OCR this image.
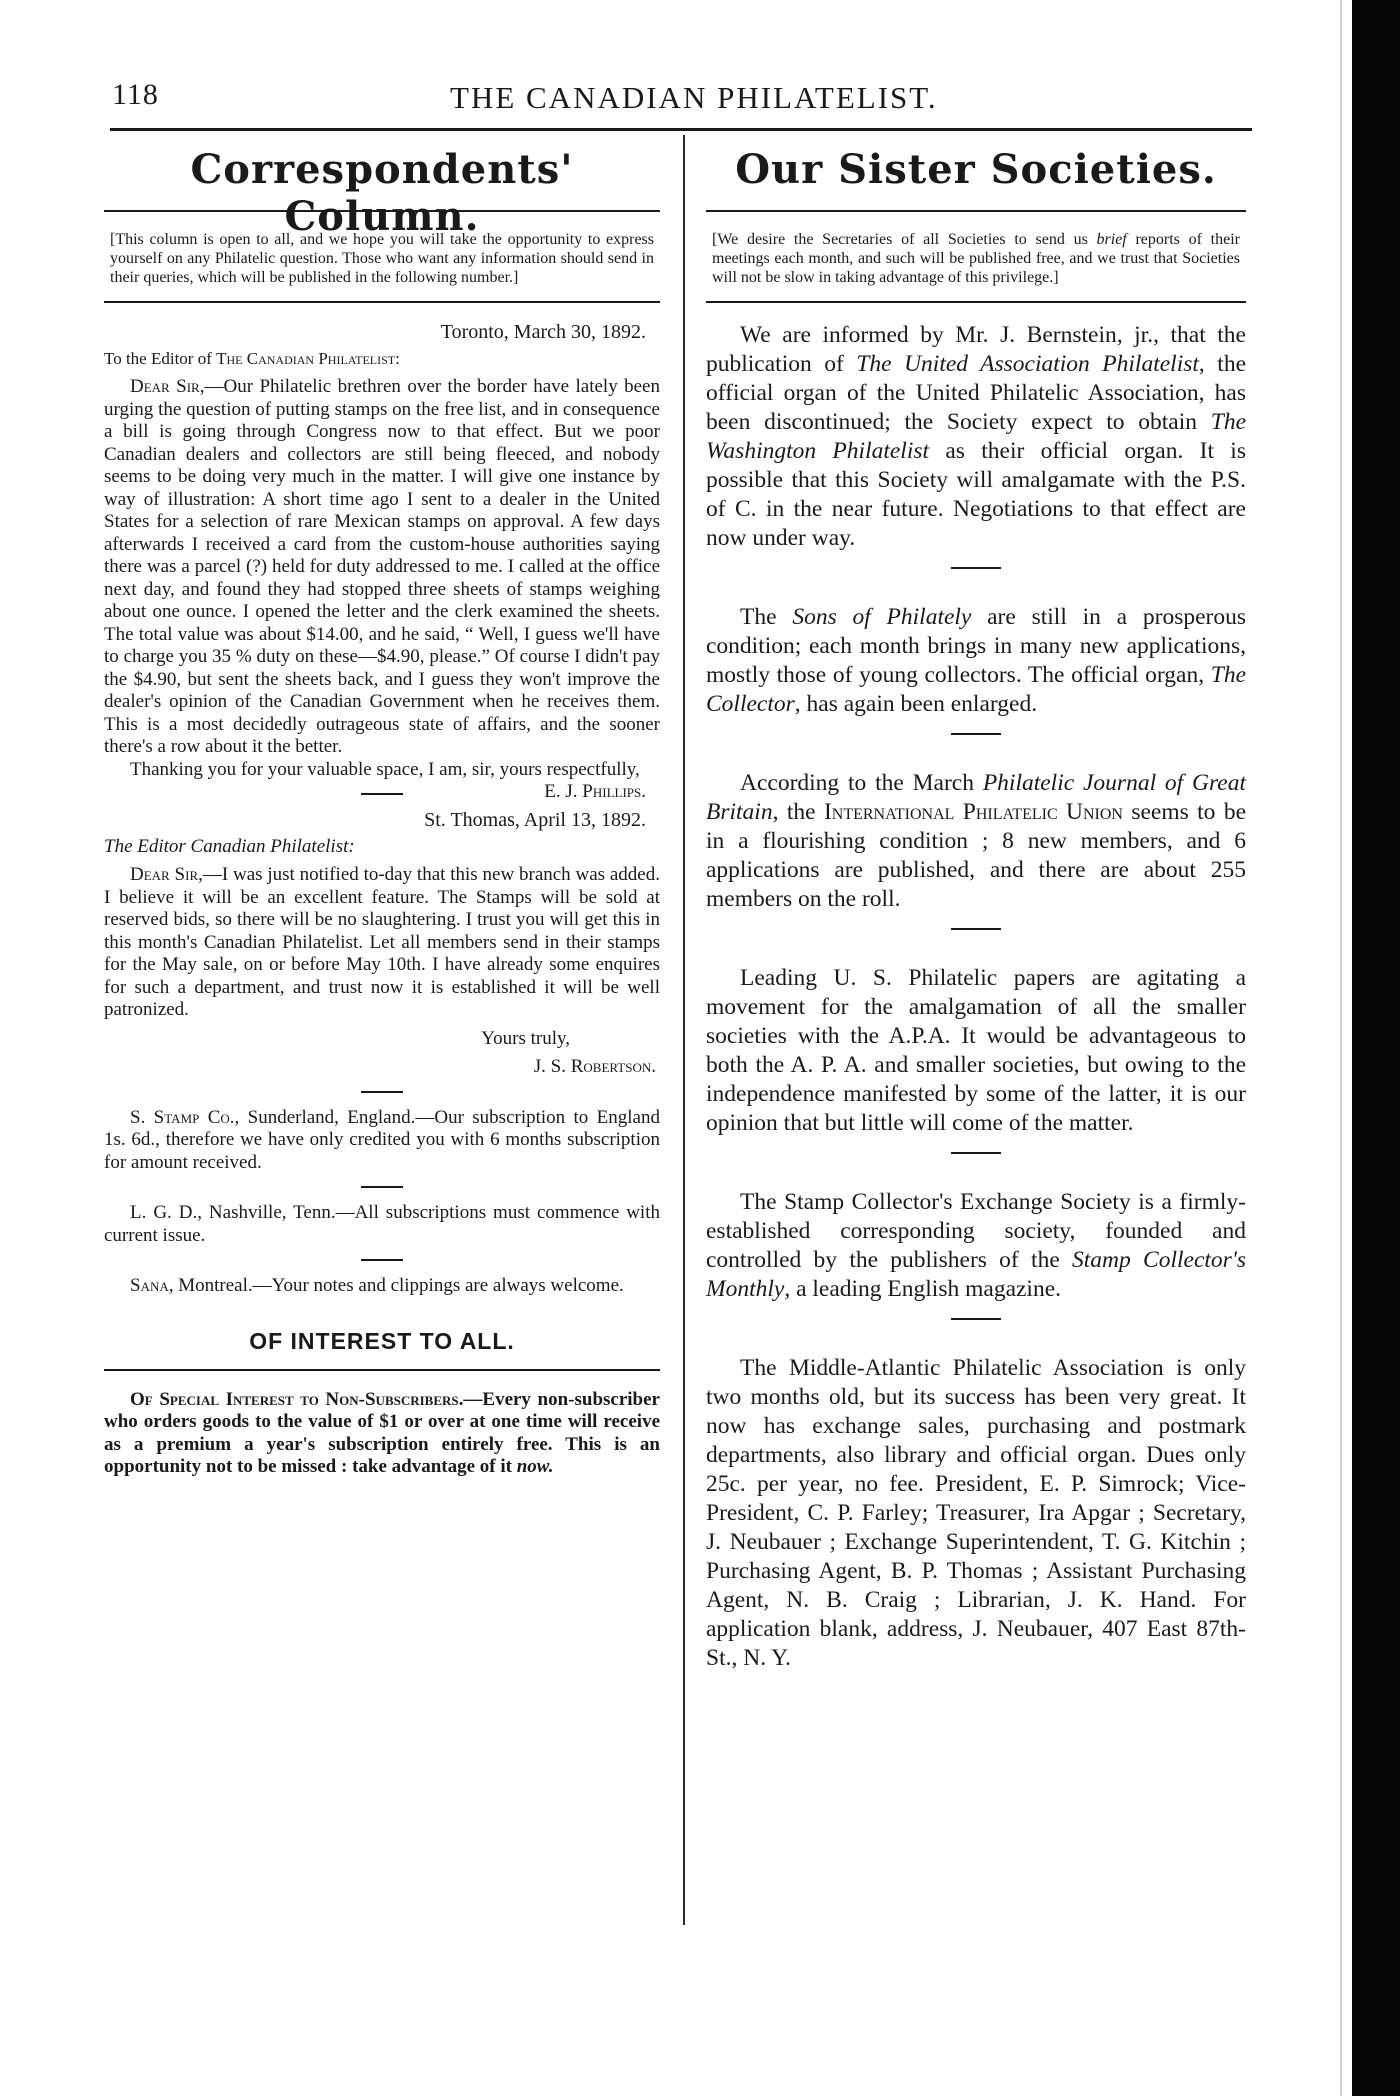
118	THE CANADIAN PHILATELIST.
Correspondents' Column.

[This column is open to all, and we hope you will take the opportunity to express yourself on any Philatelic question. Those who want any information should send in their queries, which will be published in the following number.]

Toronto, March 30, 1892.
To the Editor of The Canadian Philatelist:

Dear Sir,—Our Philatelic brethren over the border have lately been urging the question of putting stamps on the free list, and in consequence a bill is going through Congress now to that effect. But we poor Canadian dealers and collectors are still being fleeced, and nobody seems to be doing very much in the matter. I will give one instance by way of illustration: A short time ago I sent to a dealer in the United States for a selection of rare Mexican stamps on approval. A few days afterwards I received a card from the custom-house authorities saying there was a parcel (?) held for duty addressed to me. I called at the office next day, and found they had stopped three sheets of stamps weighing about one ounce. I opened the letter and the clerk examined the sheets. The total value was about $14.00, and he said, “ Well, I guess we'll have to charge you 35 % duty on these—$4.90, please.” Of course I didn't pay the $4.90, but sent the sheets back, and I guess they won't improve the dealer's opinion of the Canadian Government when he receives them. This is a most decidedly outrageous state of affairs, and the sooner there's a row about it the better.

Thanking you for your valuable space, I am, sir, yours respectfully,
E. J. Phillips.

St. Thomas, April 13, 1892.
The Editor Canadian Philatelist:

Dear Sir,—I was just notified to-day that this new branch was added. I believe it will be an excellent feature. The Stamps will be sold at reserved bids, so there will be no slaughtering. I trust you will get this in this month's Canadian Philatelist. Let all members send in their stamps for the May sale, on or before May 10th. I have already some enquires for such a department, and trust now it is established it will be well patronized.

Yours truly,

J. S. Robertson.

S. Stamp Co., Sunderland, England.—Our subscription to England 1s. 6d., therefore we have only credited you with 6 months subscription for amount received.

L. G. D., Nashville, Tenn.—All subscriptions must commence with current issue.

Sana, Montreal.—Your notes and clippings are always welcome.

OF INTEREST TO ALL.

Of Special Interest to Non-Subscribers.—Every non-subscriber who orders goods to the value of $1 or over at one time will receive as a premium a year's subscription entirely free. This is an opportunity not to be missed : take advantage of it now.

Our Sister Societies.

[We desire the Secretaries of all Societies to send us brief reports of their meetings each month, and such will be published free, and we trust that Societies will not be slow in taking advantage of this privilege.]

We are informed by Mr. J. Bernstein, jr., that the publication of The United Association Philatelist, the official organ of the United Philatelic Association, has been discontinued; the Society expect to obtain The Washington Philatelist as their official organ. It is possible that this Society will amalgamate with the P.S. of C. in the near future. Negotiations to that effect are now under way.

The Sons of Philately are still in a prosperous condition; each month brings in many new applications, mostly those of young collectors. The official organ, The Collector, has again been enlarged.

According to the March Philatelic Journal of Great Britain, the International Philatelic Union seems to be in a flourishing condition ; 8 new members, and 6 applications are published, and there are about 255 members on the roll.

Leading U. S. Philatelic papers are agitating a movement for the amalgamation of all the smaller societies with the A.P.A. It would be advantageous to both the A. P. A. and smaller societies, but owing to the independence manifested by some of the latter, it is our opinion that but little will come of the matter.

The Stamp Collector's Exchange Society is a firmly-established corresponding society, founded and controlled by the publishers of the Stamp Collector's Monthly, a leading English magazine.

The Middle-Atlantic Philatelic Association is only two months old, but its success has been very great. It now has exchange sales, purchasing and postmark departments, also library and official organ. Dues only 25c. per year, no fee. President, E. P. Simrock; Vice-President, C. P. Farley; Treasurer, Ira Apgar ; Secretary, J. Neubauer ; Exchange Superintendent, T. G. Kitchin ; Purchasing Agent, B. P. Thomas ; Assistant Purchasing Agent, N. B. Craig ; Librarian, J. K. Hand. For application blank, address, J. Neubauer, 407 East 87th-St., N. Y.
